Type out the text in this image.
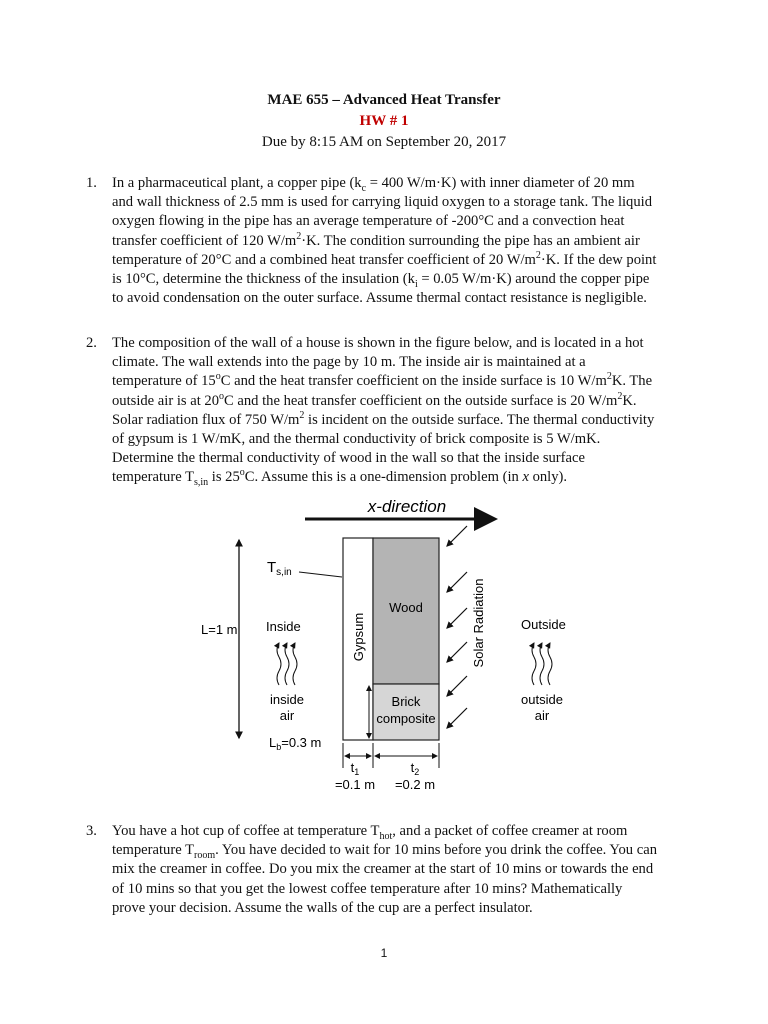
MAE 655 – Advanced Heat Transfer
HW # 1
Due by 8:15 AM on September 20, 2017
1. In a pharmaceutical plant, a copper pipe ($k_c = 400$ W/m·K) with inner diameter of 20 mm and wall thickness of 2.5 mm is used for carrying liquid oxygen to a storage tank. The liquid oxygen flowing in the pipe has an average temperature of -200°C and a convection heat transfer coefficient of 120 $W/m^2\cdot K$. The condition surrounding the pipe has an ambient air temperature of 20°C and a combined heat transfer coefficient of 20 $W/m^2\cdot K$. If the dew point is 10°C, determine the thickness of the insulation ($k_i = 0.05$ W/m·K) around the copper pipe to avoid condensation on the outer surface. Assume thermal contact resistance is negligible.

2. The composition of the wall of a house is shown in the figure below, and is located in a hot climate. The wall extends into the page by 10 m. The inside air is maintained at a temperature of 15$^o$C and the heat transfer coefficient on the inside surface is 10 $W/m^2K$. The outside air is at 20$^o$C and the heat transfer coefficient on the outside surface is 20 $W/m^2K$. Solar radiation flux of 750 $W/m^2$ is incident on the outside surface. The thermal conductivity of gypsum is 1 W/mK, and the thermal conductivity of brick composite is 5 W/mK. Determine the thermal conductivity of wood in the wall so that the inside surface temperature $T_{s,in}$ is 25$^o$C. Assume this is a one-dimension problem (in x only).

x-direction
Wood
Brick
composite
Gypsum
$T_{s,in}$
L=1 m Inside	Outside
inside
air
outside
air
Solar Radiation
$L_b=0.3$ m
$t_1$
=0.1 m
$t_2$
=0.2 m
3. You have a hot cup of coffee at temperature $T_{hot}$, and a packet of coffee creamer at room temperature $T_{room}$. You have decided to wait for 10 mins before you drink the coffee. You can mix the creamer in coffee. Do you mix the creamer at the start of 10 mins or towards the end of 10 mins so that you get the lowest coffee temperature after 10 mins? Mathematically prove your decision. Assume the walls of the cup are a perfect insulator.

1
